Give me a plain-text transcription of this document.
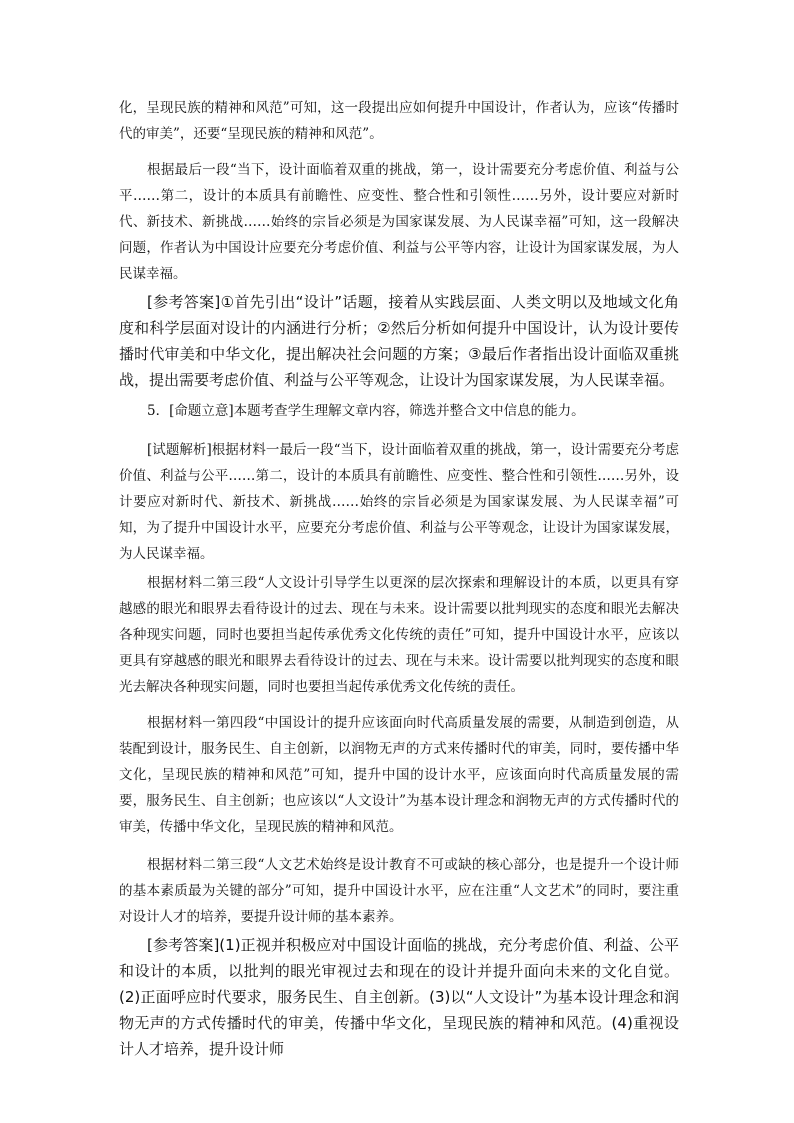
化，呈现民族的精神和风范”可知，这一段提出应如何提升中国设计，作者认为，应该“传播时代的审美”，还要“呈现民族的精神和风范”。
根据最后一段“当下，设计面临着双重的挑战，第一，设计需要充分考虑价值、利益与公平……第二，设计的本质具有前瞻性、应变性、整合性和引领性……另外，设计要应对新时代、新技术、新挑战……始终的宗旨必须是为国家谋发展、为人民谋幸福”可知，这一段解决问题，作者认为中国设计应要充分考虑价值、利益与公平等内容，让设计为国家谋发展，为人民谋幸福。
[参考答案]①首先引出“设计”话题，接着从实践层面、人类文明以及地域文化角度和科学层面对设计的内涵进行分析；②然后分析如何提升中国设计，认为设计要传播时代审美和中华文化，提出解决社会问题的方案；③最后作者指出设计面临双重挑战，提出需要考虑价值、利益与公平等观念，让设计为国家谋发展，为人民谋幸福。
5．[命题立意]本题考查学生理解文章内容，筛选并整合文中信息的能力。
[试题解析]根据材料一最后一段“当下，设计面临着双重的挑战，第一，设计需要充分考虑价值、利益与公平……第二，设计的本质具有前瞻性、应变性、整合性和引领性……另外，设计要应对新时代、新技术、新挑战……始终的宗旨必须是为国家谋发展、为人民谋幸福”可知，为了提升中国设计水平，应要充分考虑价值、利益与公平等观念，让设计为国家谋发展，为人民谋幸福。
根据材料二第三段“人文设计引导学生以更深的层次探索和理解设计的本质，以更具有穿越感的眼光和眼界去看待设计的过去、现在与未来。设计需要以批判现实的态度和眼光去解决各种现实问题，同时也要担当起传承优秀文化传统的责任”可知，提升中国设计水平，应该以更具有穿越感的眼光和眼界去看待设计的过去、现在与未来。设计需要以批判现实的态度和眼光去解决各种现实问题，同时也要担当起传承优秀文化传统的责任。
根据材料一第四段“中国设计的提升应该面向时代高质量发展的需要，从制造到创造，从装配到设计，服务民生、自主创新，以润物无声的方式来传播时代的审美，同时，要传播中华文化，呈现民族的精神和风范”可知，提升中国的设计水平，应该面向时代高质量发展的需要，服务民生、自主创新；也应该以“人文设计”为基本设计理念和润物无声的方式传播时代的审美，传播中华文化，呈现民族的精神和风范。
根据材料二第三段“人文艺术始终是设计教育不可或缺的核心部分，也是提升一个设计师的基本素质最为关键的部分”可知，提升中国设计水平，应在注重“人文艺术”的同时，要注重对设计人才的培养，要提升设计师的基本素养。
[参考答案](1)正视并积极应对中国设计面临的挑战，充分考虑价值、利益、公平和设计的本质，以批判的眼光审视过去和现在的设计并提升面向未来的文化自觉。(2)正面呼应时代要求，服务民生、自主创新。(3)以“人文设计”为基本设计理念和润物无声的方式传播时代的审美，传播中华文化，呈现民族的精神和风范。(4)重视设计人才培养，提升设计师
